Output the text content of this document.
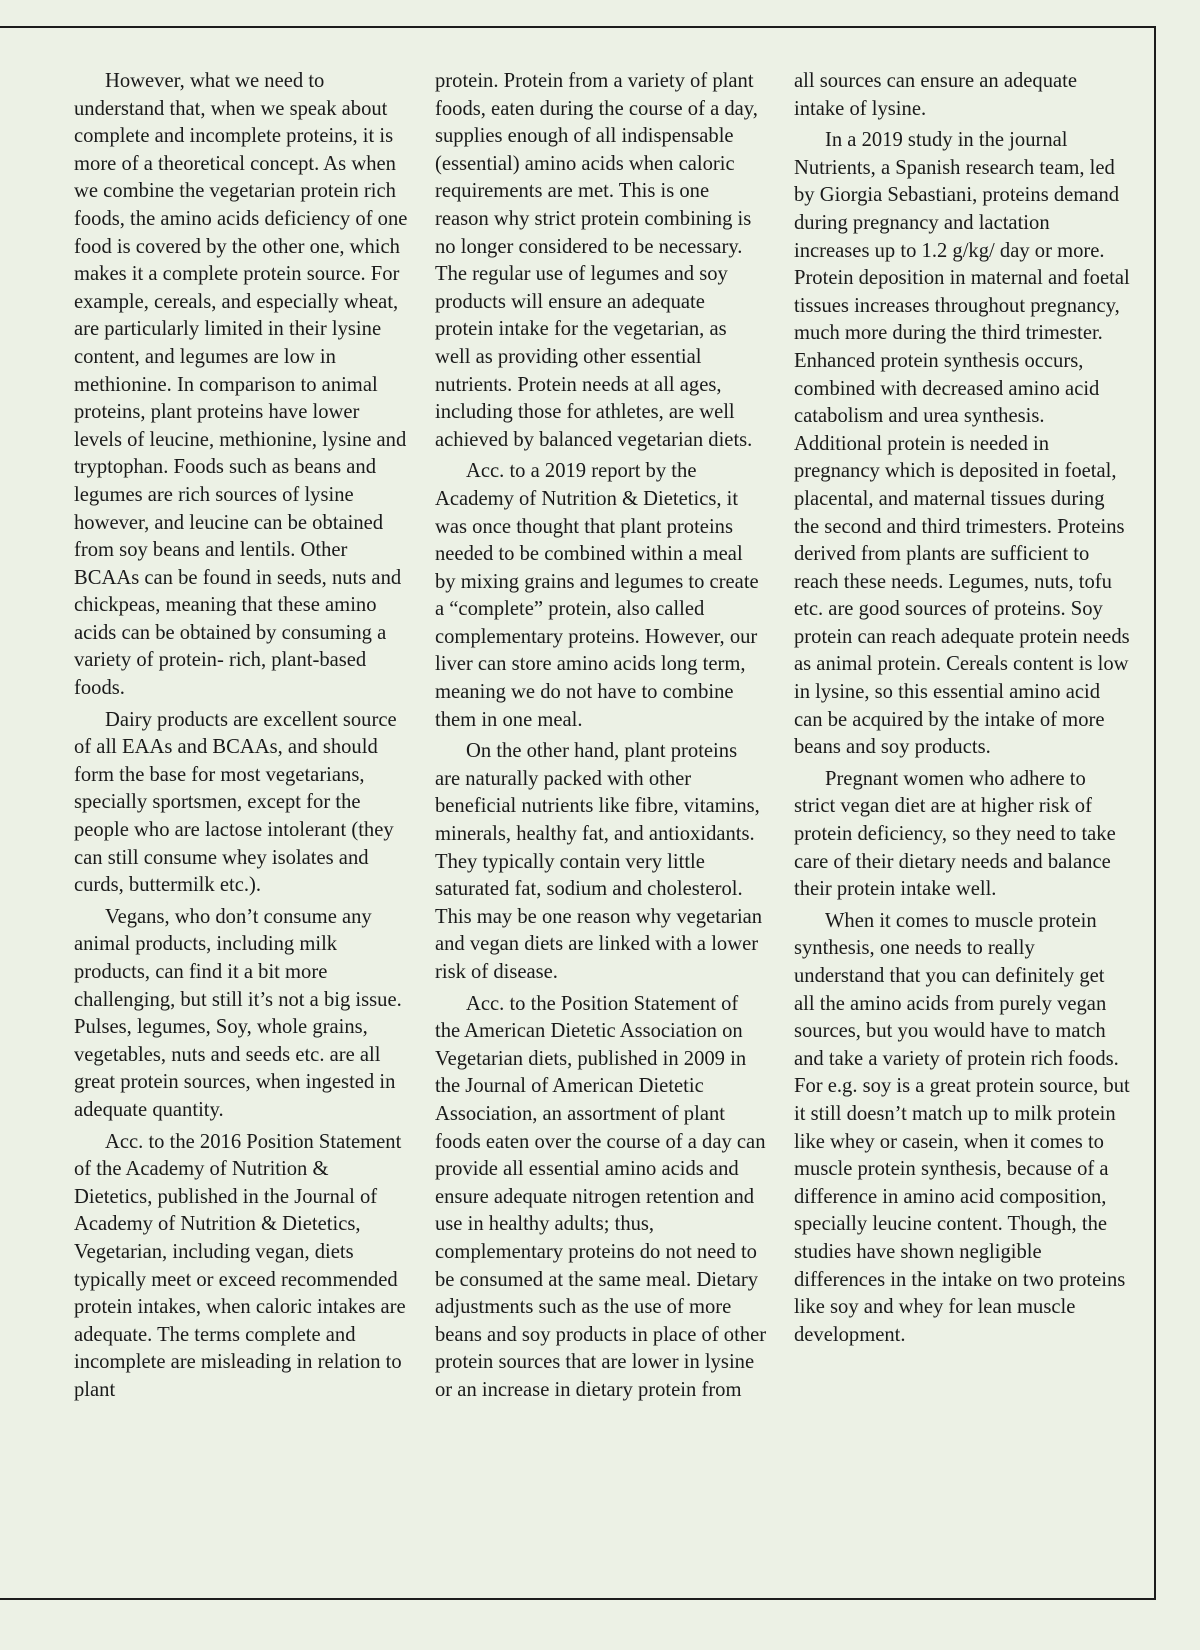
However, what we need to understand that, when we speak about complete and incomplete proteins, it is more of a theoretical concept. As when we combine the vegetarian protein rich foods, the amino acids deficiency of one food is covered by the other one, which makes it a complete protein source. For example, cereals, and especially wheat, are particularly limited in their lysine content, and legumes are low in methionine. In comparison to animal proteins, plant proteins have lower levels of leucine, methionine, lysine and tryptophan. Foods such as beans and legumes are rich sources of lysine however, and leucine can be obtained from soy beans and lentils. Other BCAAs can be found in seeds, nuts and chickpeas, meaning that these amino acids can be obtained by consuming a variety of protein- rich, plant-based foods.

Dairy products are excellent source of all EAAs and BCAAs, and should form the base for most vegetarians, specially sportsmen, except for the people who are lactose intolerant (they can still consume whey isolates and curds, buttermilk etc.).

Vegans, who don’t consume any animal products, including milk products, can find it a bit more challenging, but still it’s not a big issue. Pulses, legumes, Soy, whole grains, vegetables, nuts and seeds etc. are all great protein sources, when ingested in adequate quantity.

Acc. to the 2016 Position Statement of the Academy of Nutrition & Dietetics, published in the Journal of Academy of Nutrition & Dietetics, Vegetarian, including vegan, diets typically meet or exceed recommended protein intakes, when caloric intakes are adequate. The terms complete and incomplete are misleading in relation to plant

protein. Protein from a variety of plant foods, eaten during the course of a day, supplies enough of all indispensable (essential) amino acids when caloric requirements are met. This is one reason why strict protein combining is no longer considered to be necessary. The regular use of legumes and soy products will ensure an adequate protein intake for the vegetarian, as well as providing other essential nutrients. Protein needs at all ages, including those for athletes, are well achieved by balanced vegetarian diets.

Acc. to a 2019 report by the Academy of Nutrition & Dietetics, it was once thought that plant proteins needed to be combined within a meal by mixing grains and legumes to create a “complete” protein, also called complementary proteins. However, our liver can store amino acids long term, meaning we do not have to combine them in one meal.

On the other hand, plant proteins are naturally packed with other beneficial nutrients like fibre, vitamins, minerals, healthy fat, and antioxidants. They typically contain very little saturated fat, sodium and cholesterol. This may be one reason why vegetarian and vegan diets are linked with a lower risk of disease.

Acc. to the Position Statement of the American Dietetic Association on Vegetarian diets, published in 2009 in the Journal of American Dietetic Association, an assortment of plant foods eaten over the course of a day can provide all essential amino acids and ensure adequate nitrogen retention and use in healthy adults; thus, complementary proteins do not need to be consumed at the same meal. Dietary adjustments such as the use of more beans and soy products in place of other protein sources that are lower in lysine or an increase in dietary protein from

all sources can ensure an adequate intake of lysine.

In a 2019 study in the journal Nutrients, a Spanish research team, led by Giorgia Sebastiani, proteins demand during pregnancy and lactation increases up to 1.2 g/kg/ day or more. Protein deposition in maternal and foetal tissues increases throughout pregnancy, much more during the third trimester. Enhanced protein synthesis occurs, combined with decreased amino acid catabolism and urea synthesis. Additional protein is needed in pregnancy which is deposited in foetal, placental, and maternal tissues during the second and third trimesters. Proteins derived from plants are sufficient to reach these needs. Legumes, nuts, tofu etc. are good sources of proteins. Soy protein can reach adequate protein needs as animal protein. Cereals content is low in lysine, so this essential amino acid can be acquired by the intake of more beans and soy products.

Pregnant women who adhere to strict vegan diet are at higher risk of protein deficiency, so they need to take care of their dietary needs and balance their protein intake well.

When it comes to muscle protein synthesis, one needs to really understand that you can definitely get all the amino acids from purely vegan sources, but you would have to match and take a variety of protein rich foods. For e.g. soy is a great protein source, but it still doesn’t match up to milk protein like whey or casein, when it comes to muscle protein synthesis, because of a difference in amino acid composition, specially leucine content. Though, the studies have shown negligible differences in the intake on two proteins like soy and whey for lean muscle development.
